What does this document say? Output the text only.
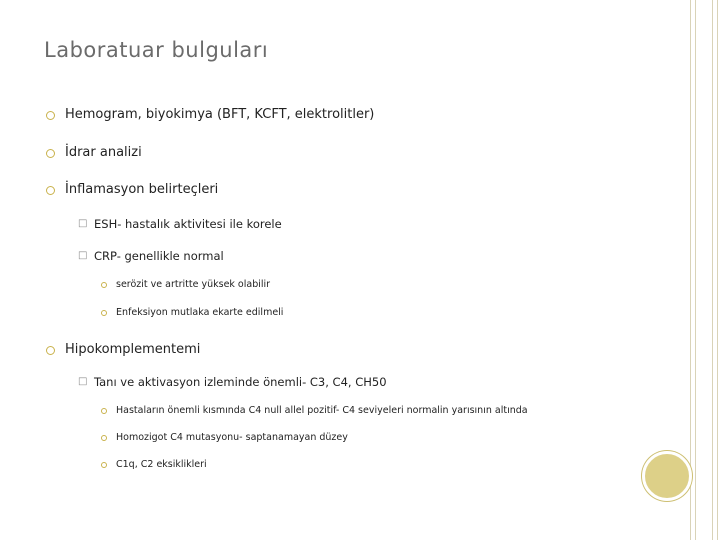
Laboratuar bulguları
Hemogram, biyokimya (BFT, KCFT, elektrolitler)
İdrar analizi
İnflamasyon belirteçleri
□ ESH- hastalık aktivitesi ile korele
□ CRP- genellikle normal
serözit ve artritte yüksek olabilir
Enfeksiyon mutlaka ekarte edilmeli
Hipokomplementemi
□ Tanı ve aktivasyon izleminde önemli- C3, C4, CH50
Hastaların önemli kısmında C4 null allel pozitif- C4 seviyeleri normalin yarısının altında
Homozigot C4 mutasyonu- saptanamayan düzey
C1q, C2 eksiklikleri
